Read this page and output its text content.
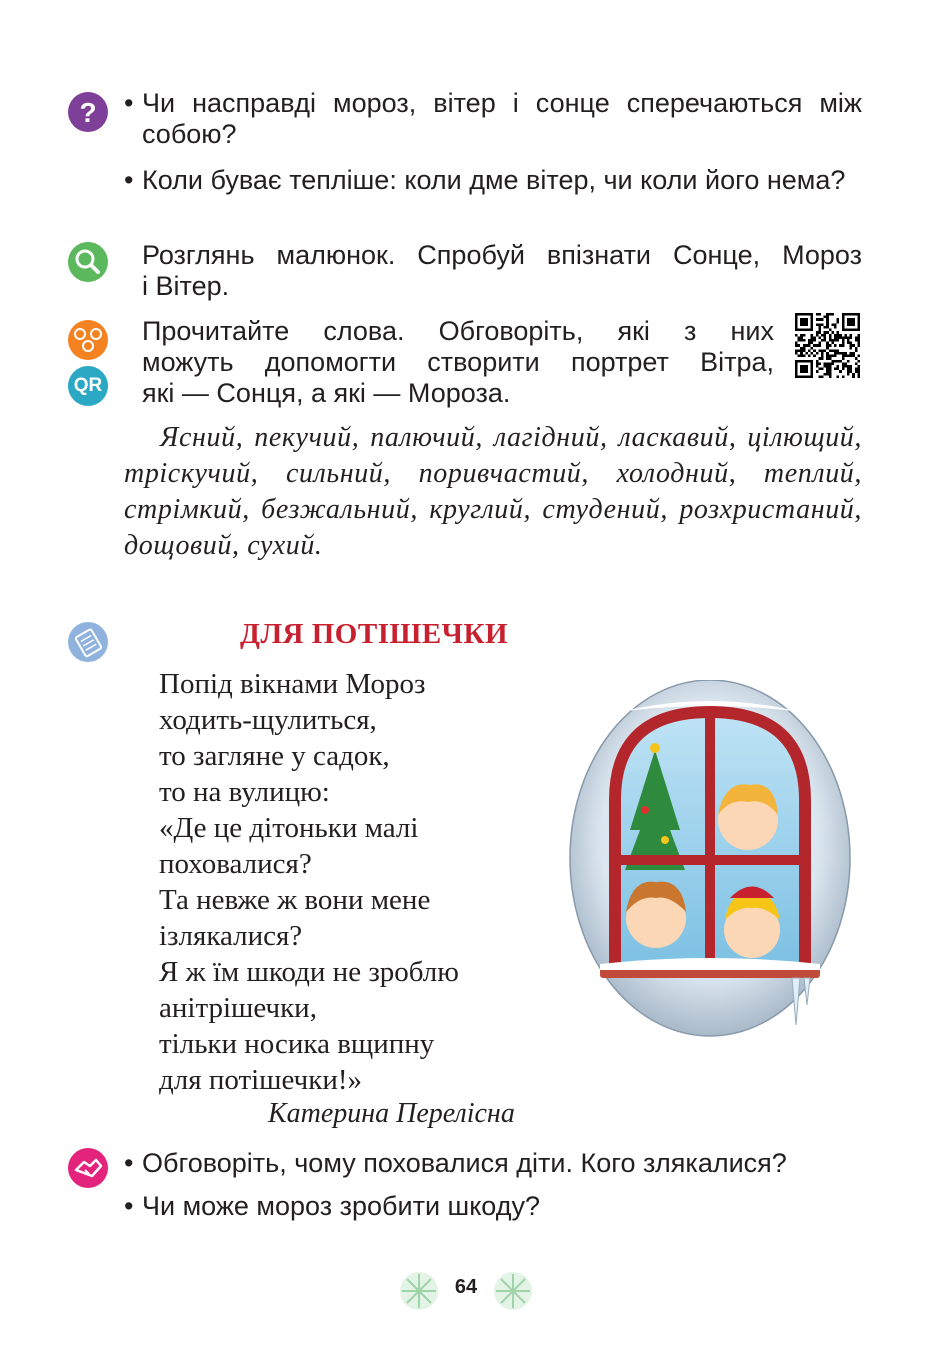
? • Чи насправді мороз, вітер і сонце сперечаються між собою?
• Коли буває тепліше: коли дме вітер, чи коли його нема?
Розглянь малюнок. Спробуй впізнати Сонце, Мороз
і Вітер.
QR
Прочитайте слова. Обговоріть, які з них
можуть допомогти створити портрет Вітра,
які — Сонця, а які — Мороза.
Ясний, пекучий, палючий, лагідний, ласкавий, цілющий, тріскучий, сильний, поривчастий, холодний, теплий, стрімкий, безжальний, круглий, студений, розхристаний, дощовий, сухий.
ДЛЯ ПОТІШЕЧКИ
Попід вікнами Мороз
ходить-щулиться,
то загляне у садок,
то на вулицю:
«Де це дітоньки малі
поховалися?
Та невже ж вони мене
ізлякалися?
Я ж їм шкоди не зроблю
анітрішечки,
тільки носика вщипну
для потішечки!»
Катерина Перелісна
• Обговоріть, чому поховалися діти. Кого злякалися?
• Чи може мороз зробити шкоду?
64
